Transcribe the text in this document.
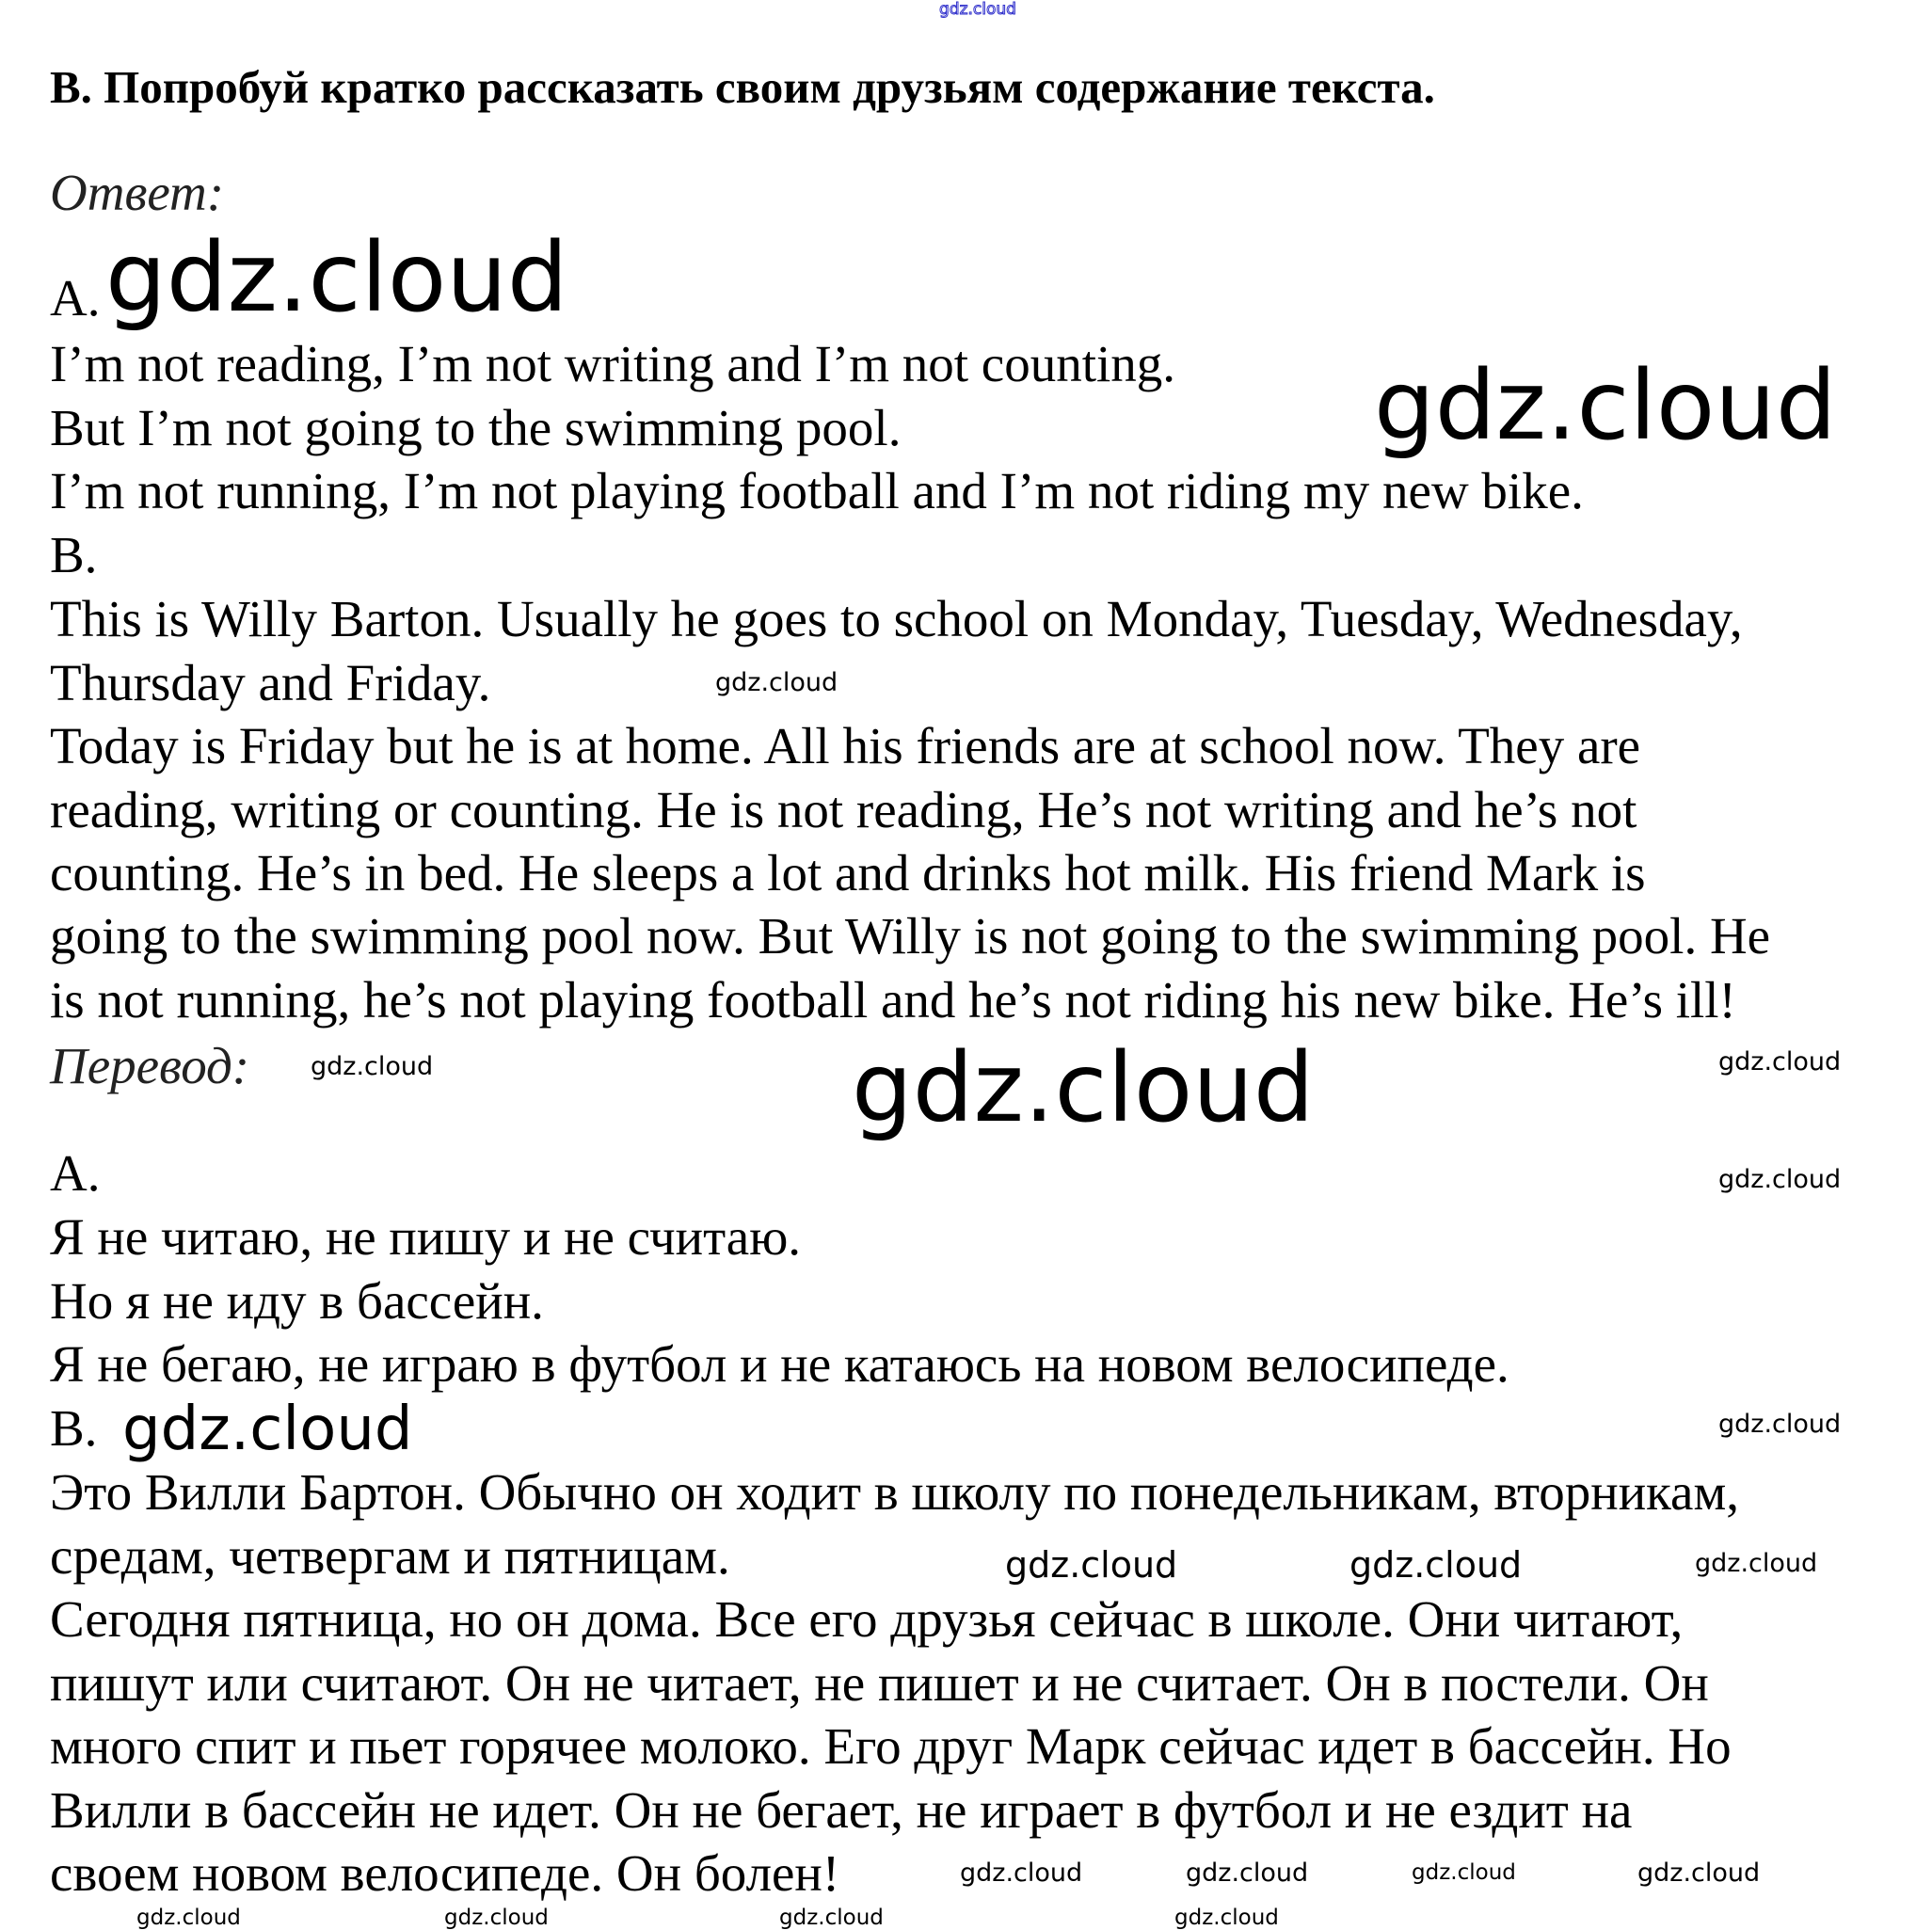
gdz.cloud
B. Попробуй кратко рассказать своим друзьям содержание текста.
Ответ:
A.
I’m not reading, I’m not writing and I’m not counting.
But I’m not going to the swimming pool.
I’m not running, I’m not playing football and I’m not riding my new bike.
B.
This is Willy Barton. Usually he goes to school on Monday, Tuesday, Wednesday,
Thursday and Friday.
Today is Friday but he is at home. All his friends are at school now. They are
reading, writing or counting. He is not reading, He’s not writing and he’s not
counting. He’s in bed. He sleeps a lot and drinks hot milk. His friend Mark is
going to the swimming pool now. But Willy is not going to the swimming pool. He
is not running, he’s not playing football and he’s not riding his new bike. He’s ill!
Перевод:
A.
Я не читаю, не пишу и не считаю.
Но я не иду в бассейн.
Я не бегаю, не играю в футбол и не катаюсь на новом велосипеде.
B.
Это Вилли Бартон. Обычно он ходит в школу по понедельникам, вторникам,
средам, четвергам и пятницам.
Сегодня пятница, но он дома. Все его друзья сейчас в школе. Они читают,
пишут или считают. Он не читает, не пишет и не считает. Он в постели. Он
много спит и пьет горячее молоко. Его друг Марк сейчас идет в бассейн. Но
Вилли в бассейн не идет. Он не бегает, не играет в футбол и не ездит на
своем новом велосипеде. Он болен!
gdz.cloud
gdz.cloud
gdz.cloud
gdz.cloud
gdz.cloud	gdz.cloud
gdz.cloud
gdz.cloud	gdz.cloud
gdz.cloud
gdz.cloud
gdz.cloud
gdz.cloud	gdz.cloud	gdz.cloud	gdz.cloud
gdz.cloud	gdz.cloud	gdz.cloud	gdz.cloud
